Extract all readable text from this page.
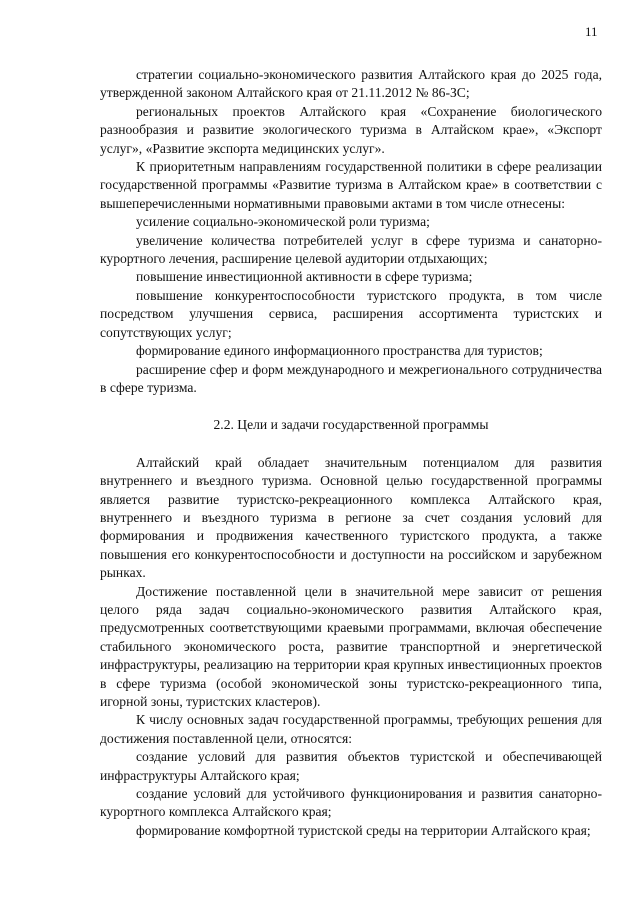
11

стратегии социально-экономического развития Алтайского края до 2025 года, утвержденной законом Алтайского края от 21.11.2012 № 86-ЗС;

региональных проектов Алтайского края «Сохранение биологического разнообразия и развитие экологического туризма в Алтайском крае», «Экспорт услуг», «Развитие экспорта медицинских услуг».

К приоритетным направлениям государственной политики в сфере реализации государственной программы «Развитие туризма в Алтайском крае» в соответствии с вышеперечисленными нормативными правовыми актами в том числе отнесены:

усиление социально-экономической роли туризма;

увеличение количества потребителей услуг в сфере туризма и санаторно-курортного лечения, расширение целевой аудитории отдыхающих;

повышение инвестиционной активности в сфере туризма;

повышение конкурентоспособности туристского продукта, в том числе посредством улучшения сервиса, расширения ассортимента туристских и сопутствующих услуг;

формирование единого информационного пространства для туристов;

расширение сфер и форм международного и межрегионального сотрудничества в сфере туризма.

2.2. Цели и задачи государственной программы

Алтайский край обладает значительным потенциалом для развития внутреннего и въездного туризма. Основной целью государственной программы является развитие туристско-рекреационного комплекса Алтайского края, внутреннего и въездного туризма в регионе за счет создания условий для формирования и продвижения качественного туристского продукта, а также повышения его конкурентоспособности и доступности на российском и зарубежном рынках.

Достижение поставленной цели в значительной мере зависит от решения целого ряда задач социально-экономического развития Алтайского края, предусмотренных соответствующими краевыми программами, включая обеспечение стабильного экономического роста, развитие транспортной и энергетической инфраструктуры, реализацию на территории края крупных инвестиционных проектов в сфере туризма (особой экономической зоны туристско-рекреационного типа, игорной зоны, туристских кластеров).

К числу основных задач государственной программы, требующих решения для достижения поставленной цели, относятся:

создание условий для развития объектов туристской и обеспечивающей инфраструктуры Алтайского края;

создание условий для устойчивого функционирования и развития санаторно-курортного комплекса Алтайского края;

формирование комфортной туристской среды на территории Алтайского края;
